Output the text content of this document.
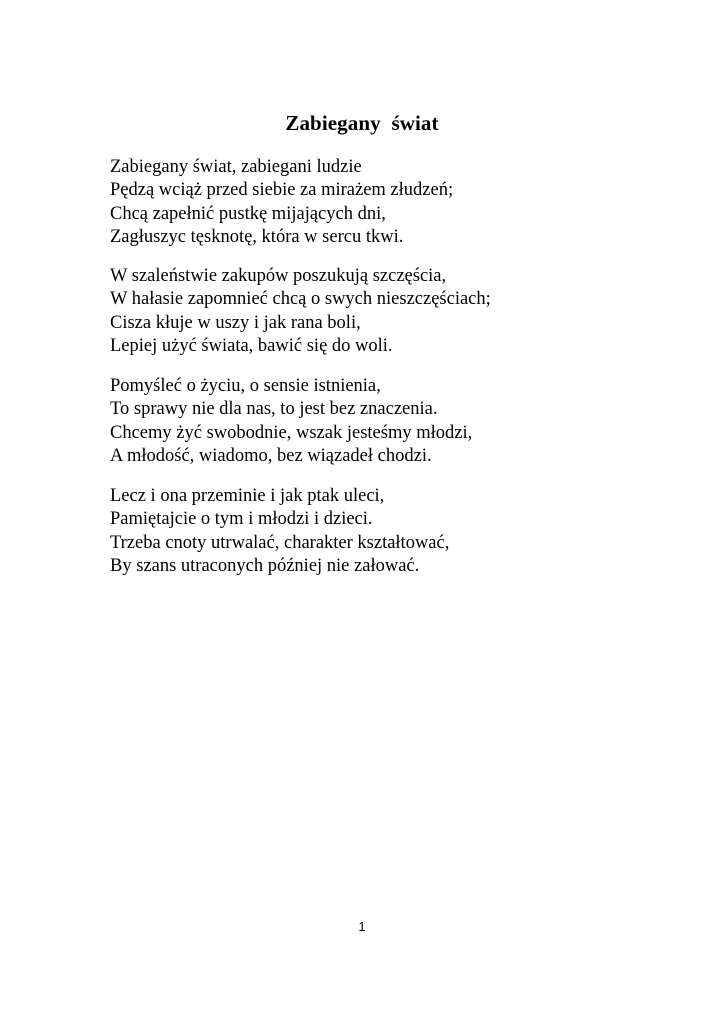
Zabiegany  świat
Zabiegany świat, zabiegani ludzie
Pędzą wciąż przed siebie za mirażem złudzeń;
Chcą zapełnić pustkę mijających dni,
Zagłuszyc tęsknotę, która w sercu tkwi.
W szaleństwie zakupów poszukują szczęścia,
W hałasie zapomnieć chcą o swych nieszczęściach;
Cisza kłuje w uszy i jak rana boli,
Lepiej użyć świata, bawić się do woli.
Pomyśleć o życiu, o sensie istnienia,
To sprawy nie dla nas, to jest bez znaczenia.
Chcemy żyć swobodnie, wszak jesteśmy młodzi,
A młodość, wiadomo, bez wiązadeł chodzi.
Lecz i ona przeminie i jak ptak uleci,
Pamiętajcie o tym i młodzi i dzieci.
Trzeba cnoty utrwalać, charakter kształtować,
By szans utraconych później nie załować.
1
